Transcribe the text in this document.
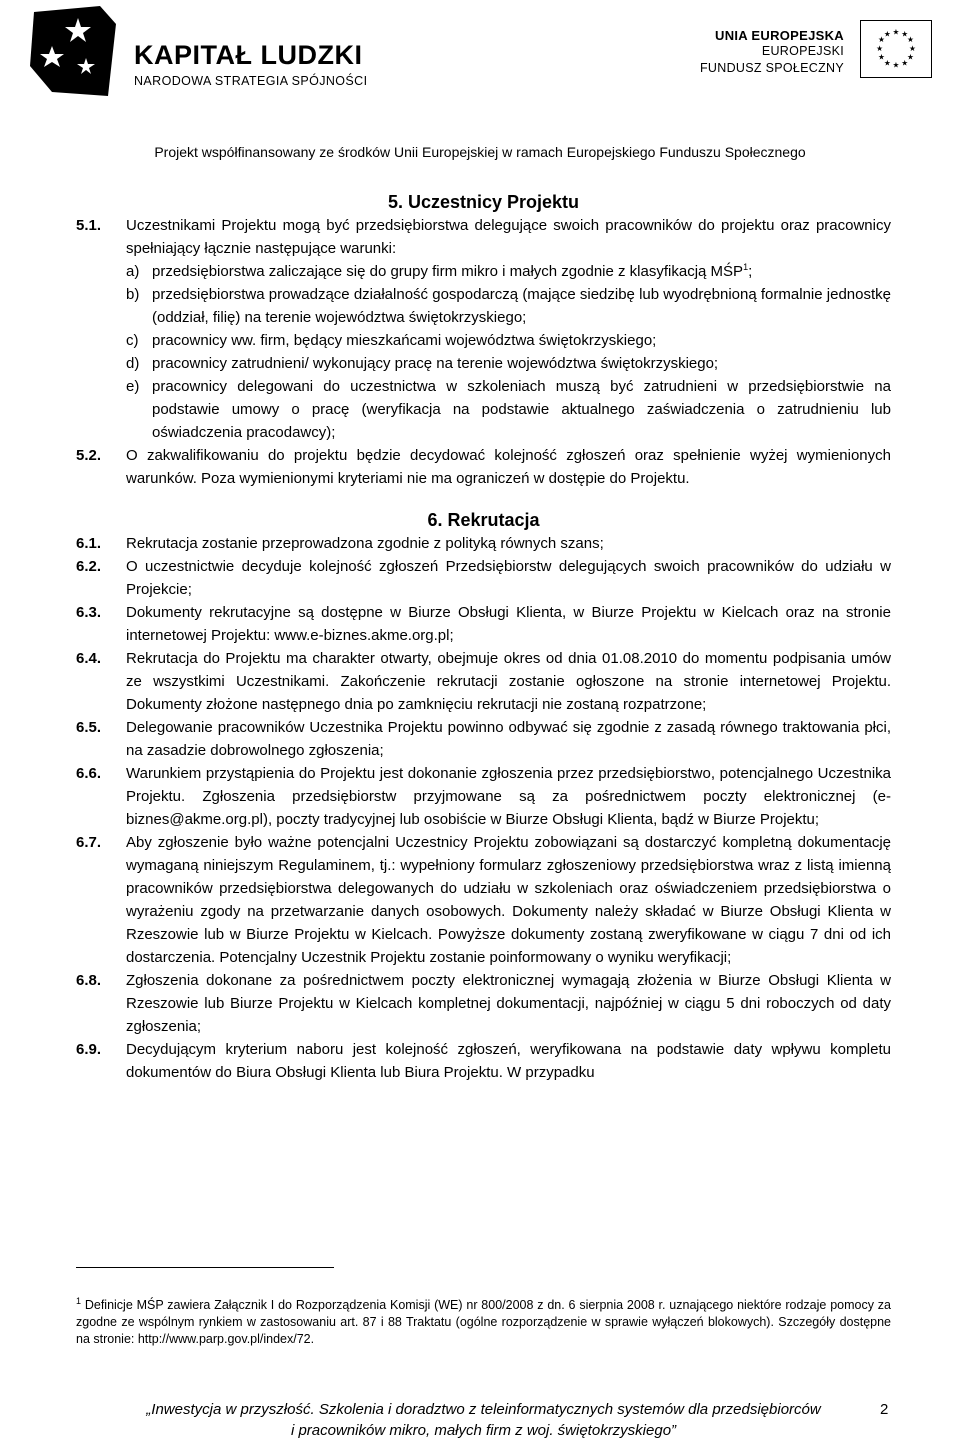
KAPITAŁ LUDZKI
NARODOWA STRATEGIA SPÓJNOŚCI
UNIA EUROPEJSKA
EUROPEJSKI
FUNDUSZ SPOŁECZNY
★ ★
★
★
★
★
★
★
★
★
★
★
Projekt współfinansowany ze środków Unii Europejskiej w ramach Europejskiego Funduszu Społecznego
5. Uczestnicy Projektu
5.1. Uczestnikami Projektu mogą być przedsiębiorstwa delegujące swoich pracowników do projektu oraz pracownicy spełniający łącznie następujące warunki:
a) przedsiębiorstwa zaliczające się do grupy firm mikro i małych zgodnie z klasyfikacją MŚP$^1$;
b) przedsiębiorstwa prowadzące działalność gospodarczą (mające siedzibę lub wyodrębnioną formalnie jednostkę (oddział, filię) na terenie województwa świętokrzyskiego;
c) pracownicy ww. firm, będący mieszkańcami województwa świętokrzyskiego;
d) pracownicy zatrudnieni/ wykonujący pracę na terenie województwa świętokrzyskiego;
e) pracownicy delegowani do uczestnictwa w szkoleniach muszą być zatrudnieni w przedsiębiorstwie na podstawie umowy o pracę (weryfikacja na podstawie aktualnego zaświadczenia o zatrudnieniu lub oświadczenia pracodawcy);
5.2. O zakwalifikowaniu do projektu będzie decydować kolejność zgłoszeń oraz spełnienie wyżej wymienionych warunków. Poza wymienionymi kryteriami nie ma ograniczeń w dostępie do Projektu.
6. Rekrutacja
6.1. Rekrutacja zostanie przeprowadzona zgodnie z polityką równych szans;
6.2. O uczestnictwie decyduje kolejność zgłoszeń Przedsiębiorstw delegujących swoich pracowników do udziału w Projekcie;
6.3. Dokumenty rekrutacyjne są dostępne w Biurze Obsługi Klienta, w Biurze Projektu w Kielcach oraz na stronie internetowej Projektu: www.e-biznes.akme.org.pl;
6.4. Rekrutacja do Projektu ma charakter otwarty, obejmuje okres od dnia 01.08.2010 do momentu podpisania umów ze wszystkimi Uczestnikami. Zakończenie rekrutacji zostanie ogłoszone na stronie internetowej Projektu. Dokumenty złożone następnego dnia po zamknięciu rekrutacji nie zostaną rozpatrzone;
6.5. Delegowanie pracowników Uczestnika Projektu powinno odbywać się zgodnie z zasadą równego traktowania płci, na zasadzie dobrowolnego zgłoszenia;
6.6. Warunkiem przystąpienia do Projektu jest dokonanie zgłoszenia przez przedsiębiorstwo, potencjalnego Uczestnika Projektu. Zgłoszenia przedsiębiorstw przyjmowane są za pośrednictwem poczty elektronicznej (e-biznes@akme.org.pl), poczty tradycyjnej lub osobiście w Biurze Obsługi Klienta, bądź w Biurze Projektu;
6.7. Aby zgłoszenie było ważne potencjalni Uczestnicy Projektu zobowiązani są dostarczyć kompletną dokumentację wymaganą niniejszym Regulaminem, tj.: wypełniony formularz zgłoszeniowy przedsiębiorstwa wraz z listą imienną pracowników przedsiębiorstwa delegowanych do udziału w szkoleniach oraz oświadczeniem przedsiębiorstwa o wyrażeniu zgody na przetwarzanie danych osobowych. Dokumenty należy składać w Biurze Obsługi Klienta w Rzeszowie lub w Biurze Projektu w Kielcach. Powyższe dokumenty zostaną zweryfikowane w ciągu 7 dni od ich dostarczenia. Potencjalny Uczestnik Projektu zostanie poinformowany o wyniku weryfikacji;
6.8. Zgłoszenia dokonane za pośrednictwem poczty elektronicznej wymagają złożenia w Biurze Obsługi Klienta w Rzeszowie lub Biurze Projektu w Kielcach kompletnej dokumentacji, najpóźniej w ciągu 5 dni roboczych od daty zgłoszenia;
6.9. Decydującym kryterium naboru jest kolejność zgłoszeń, weryfikowana na podstawie daty wpływu kompletu dokumentów do Biura Obsługi Klienta lub Biura Projektu. W przypadku
$^1$ Definicje MŚP zawiera Załącznik I do Rozporządzenia Komisji (WE) nr 800/2008 z dn. 6 sierpnia 2008 r. uznającego niektóre rodzaje pomocy za zgodne ze wspólnym rynkiem w zastosowaniu art. 87 i 88 Traktatu (ogólne rozporządzenie w sprawie wyłączeń blokowych). Szczegóły dostępne na stronie: http://www.parp.gov.pl/index/72.
„Inwestycja w przyszłość. Szkolenia i doradztwo z teleinformatycznych systemów dla przedsiębiorców
i pracowników mikro, małych firm z woj. świętokrzyskiego”
2
